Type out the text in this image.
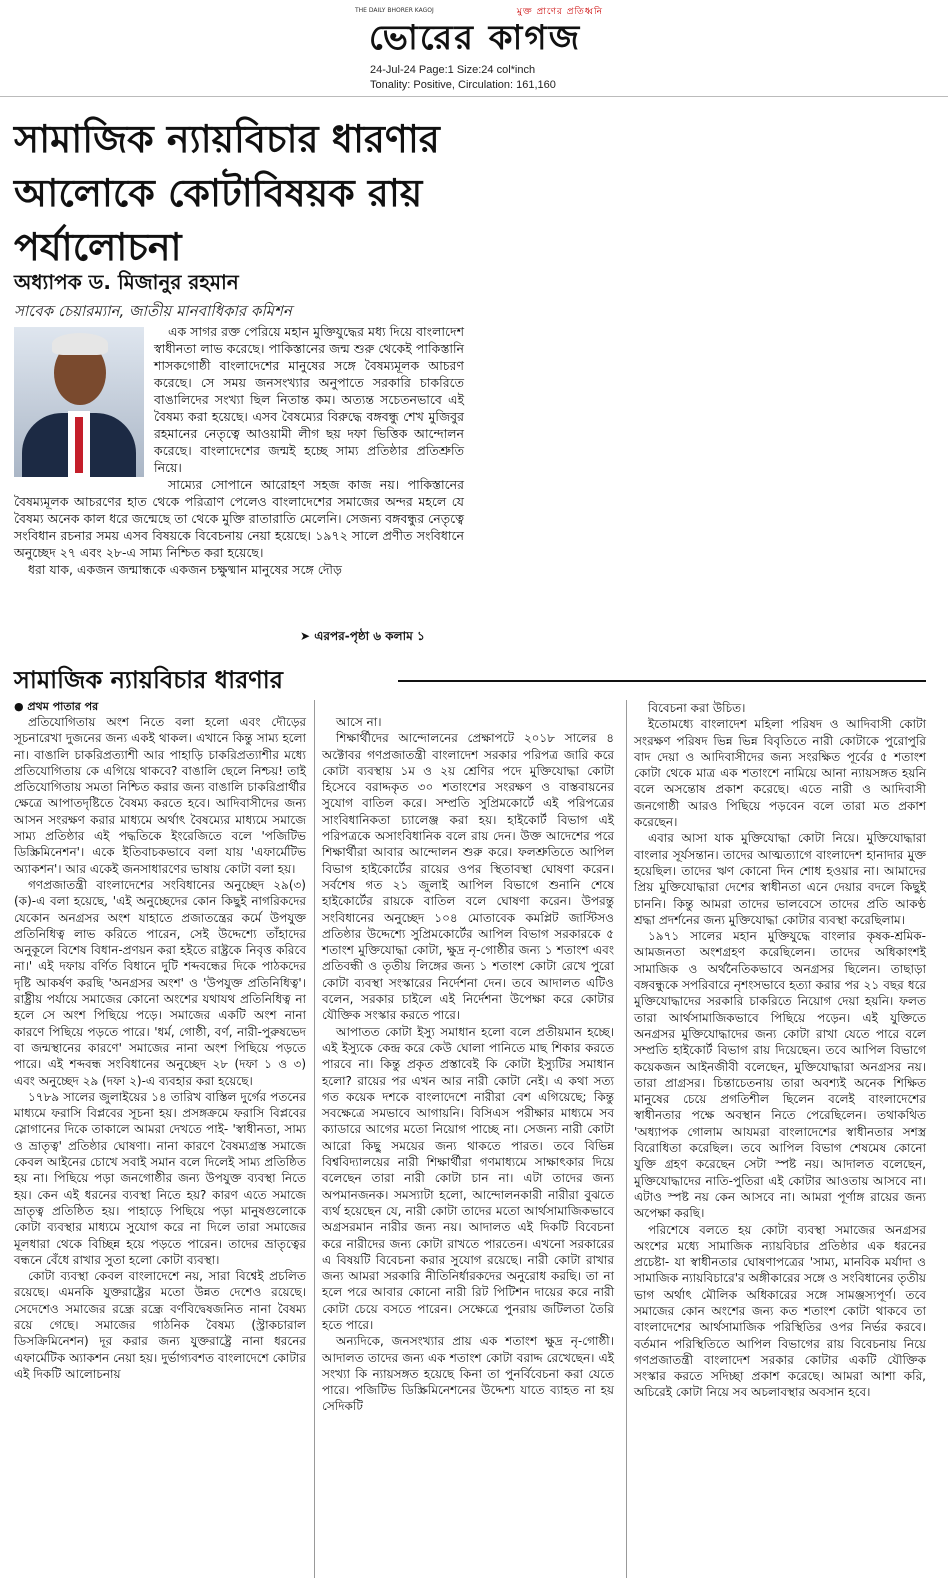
মুক্ত প্রাণের প্রতিধ্বনি
THE DAILY BHORER KAGOJ
ভোরের কাগজ
24-Jul-24 Page:1 Size:24 col*inch
Tonality: Positive, Circulation: 161,160
সামাজিক ন্যায়বিচার ধারণার আলোকে কোটাবিষয়ক রায় পর্যালোচনা
অধ্যাপক ড. মিজানুর রহমান
সাবেক চেয়ারম্যান, জাতীয় মানবাধিকার কমিশন

এক সাগর রক্ত পেরিয়ে মহান মুক্তিযুদ্ধের মধ্য দিয়ে বাংলাদেশ স্বাধীনতা লাভ করেছে। পাকিস্তানের জন্ম শুরু থেকেই পাকিস্তানি শাসকগোষ্ঠী বাংলাদেশের মানুষের সঙ্গে বৈষম্যমূলক আচরণ করেছে। সে সময় জনসংখ্যার অনুপাতে সরকারি চাকরিতে বাঙালিদের সংখ্যা ছিল নিতান্ত কম। অত্যন্ত সচেতনভাবে এই বৈষম্য করা হয়েছে। এসব বৈষম্যের বিরুদ্ধে বঙ্গবন্ধু শেখ মুজিবুর রহমানের নেতৃত্বে আওয়ামী লীগ ছয় দফা ভিত্তিক আন্দোলন করেছে। বাংলাদেশের জন্মই হচ্ছে সাম্য প্রতিষ্ঠার প্রতিশ্রুতি নিয়ে।

সাম্যের সোপানে আরোহণ সহজ কাজ নয়। পাকিস্তানের বৈষম্যমূলক আচরণের হাত থেকে পরিত্রাণ পেলেও বাংলাদেশের সমাজের অন্দর মহলে যে বৈষম্য অনেক কাল ধরে জন্মেছে তা থেকে মুক্তি রাতারাতি মেলেনি। সেজন্য বঙ্গবন্ধুর নেতৃত্বে সংবিধান রচনার সময় এসব বিষয়কে বিবেচনায় নেয়া হয়েছে। ১৯৭২ সালে প্রণীত সংবিধানে অনুচ্ছেদ ২৭ এবং ২৮-এ সাম্য নিশ্চিত করা হয়েছে।

ধরা যাক, একজন জন্মান্ধকে একজন চক্ষুষ্মান মানুষের সঙ্গে দৌড়

➤ এরপর-পৃষ্ঠা ৬ কলাম ১
সামাজিক ন্যায়বিচার ধারণার
● প্রথম পাতার পর

প্রতিযোগিতায় অংশ নিতে বলা হলো এবং দৌড়ের সূচনারেখা দুজনের জন্য একই থাকল। এখানে কিন্তু সাম্য হলো না। বাঙালি চাকরিপ্রত্যাশী আর পাহাড়ি চাকরিপ্রত্যাশীর মধ্যে প্রতিযোগিতায় কে এগিয়ে থাকবে? বাঙালি ছেলে নিশ্চয়! তাই প্রতিযোগিতায় সমতা নিশ্চিত করার জন্য বাঙালি চাকরিপ্রার্থীর ক্ষেত্রে আপাতদৃষ্টিতে বৈষম্য করতে হবে। আদিবাসীদের জন্য আসন সংরক্ষণ করার মাধ্যমে অর্থাৎ বৈষম্যের মাধ্যমে সমাজে সাম্য প্রতিষ্ঠার এই পদ্ধতিকে ইংরেজিতে বলে 'পজিটিভ ডিস্ক্রিমিনেশন'। একে ইতিবাচকভাবে বলা যায় 'এফার্মেটিভ অ্যাকশন'। আর একেই জনসাধারণের ভাষায় কোটা বলা হয়।

গণপ্রজাতন্ত্রী বাংলাদেশের সংবিধানের অনুচ্ছেদ ২৯(৩)(ক)-এ বলা হয়েছে, 'এই অনুচ্ছেদের কোন কিছুই নাগরিকদের যেকোন অনগ্রসর অংশ যাহাতে প্রজাতন্ত্রের কর্মে উপযুক্ত প্রতিনিধিত্ব লাভ করিতে পারেন, সেই উদ্দেশ্যে তাঁহাদের অনুকূলে বিশেষ বিধান-প্রণয়ন করা হইতে রাষ্ট্রকে নিবৃত্ত করিবে না।' এই দফায় বর্ণিত বিধানে দুটি শব্দবন্ধের দিকে পাঠকদের দৃষ্টি আকর্ষণ করছি 'অনগ্রসর অংশ' ও 'উপযুক্ত প্রতিনিধিত্ব'। রাষ্ট্রীয় পর্যায়ে সমাজের কোনো অংশের যথাযথ প্রতিনিধিত্ব না হলে সে অংশ পিছিয়ে পড়ে। সমাজের একটি অংশ নানা কারণে পিছিয়ে পড়তে পারে। 'ধর্ম, গোষ্ঠী, বর্ণ, নারী-পুরুষভেদ বা জন্মস্থানের কারণে' সমাজের নানা অংশ পিছিয়ে পড়তে পারে। এই শব্দবন্ধ সংবিধানের অনুচ্ছেদ ২৮ (দফা ১ ও ৩) এবং অনুচ্ছেদ ২৯ (দফা ২)-এ ব্যবহার করা হয়েছে।

১৭৮৯ সালের জুলাইয়ের ১৪ তারিখ বাস্তিল দুর্গের পতনের মাধ্যমে ফরাসি বিপ্লবের সূচনা হয়। প্রসঙ্গক্রমে ফরাসি বিপ্লবের স্লোগানের দিকে তাকালে আমরা দেখতে পাই- 'স্বাধীনতা, সাম্য ও ভ্রাতৃত্ব' প্রতিষ্ঠার ঘোষণা। নানা কারণে বৈষম্যগ্রস্ত সমাজে কেবল আইনের চোখে সবাই সমান বলে দিলেই সাম্য প্রতিষ্ঠিত হয় না। পিছিয়ে পড়া জনগোষ্ঠীর জন্য উপযুক্ত ব্যবস্থা নিতে হয়। কেন এই ধরনের ব্যবস্থা নিতে হয়? কারণ এতে সমাজে ভ্রাতৃত্ব প্রতিষ্ঠিত হয়। পাহাড়ে পিছিয়ে পড়া মানুষগুলোকে কোটা ব্যবস্থার মাধ্যমে সুযোগ করে না দিলে তারা সমাজের মূলধারা থেকে বিচ্ছিন্ন হয়ে পড়তে পারেন। তাদের ভ্রাতৃত্বের বন্ধনে বেঁধে রাখার সুতা হলো কোটা ব্যবস্থা।

কোটা ব্যবস্থা কেবল বাংলাদেশে নয়, সারা বিশ্বেই প্রচলিত রয়েছে। এমনকি যুক্তরাষ্ট্রের মতো উন্নত দেশেও রয়েছে। সেদেশেও সমাজের রন্ধ্রে রন্ধ্রে বর্ণবিদ্বেষজনিত নানা বৈষম্য রয়ে গেছে। সমাজের গাঠনিক বৈষম্য (স্ট্রাকচারাল ডিসক্রিমিনেশন) দূর করার জন্য যুক্তরাষ্ট্রে নানা ধরনের এফার্মেটিক অ্যাকশন নেয়া হয়। দুর্ভাগ্যবশত বাংলাদেশে কোটার এই দিকটি আলোচনায়

আসে না।

শিক্ষার্থীদের আন্দোলনের প্রেক্ষাপটে ২০১৮ সালের ৪ অক্টোবর গণপ্রজাতন্ত্রী বাংলাদেশ সরকার পরিপত্র জারি করে কোটা ব্যবস্থায় ১ম ও ২য় শ্রেণির পদে মুক্তিযোদ্ধা কোটা হিসেবে বরাদ্দকৃত ৩০ শতাংশের সংরক্ষণ ও বাস্তবায়নের সুযোগ বাতিল করে। সম্প্রতি সুপ্রিমকোর্টে এই পরিপত্রের সাংবিধানিকতা চ্যালেঞ্জ করা হয়। হাইকোর্ট বিভাগ এই পরিপত্রকে অসাংবিধানিক বলে রায় দেন। উক্ত আদেশের পরে শিক্ষার্থীরা আবার আন্দোলন শুরু করে। ফলশ্রুতিতে আপিল বিভাগ হাইকোর্টের রায়ের ওপর স্থিতাবস্থা ঘোষণা করেন। সর্বশেষ গত ২১ জুলাই আপিল বিভাগে শুনানি শেষে হাইকোর্টের রায়কে বাতিল বলে ঘোষণা করেন। উপরন্তু সংবিধানের অনুচ্ছেদ ১০৪ মোতাবেক কমপ্লিট জাস্টিসও প্রতিষ্ঠার উদ্দেশ্যে সুপ্রিমকোর্টের আপিল বিভাগ সরকারকে ৫ শতাংশ মুক্তিযোদ্ধা কোটা, ক্ষুদ্র নৃ-গোষ্ঠীর জন্য ১ শতাংশ এবং প্রতিবন্ধী ও তৃতীয় লিঙ্গের জন্য ১ শতাংশ কোটা রেখে পুরো কোটা ব্যবস্থা সংস্কারের নির্দেশনা দেন। তবে আদালত এটিও বলেন, সরকার চাইলে এই নির্দেশনা উপেক্ষা করে কোটার যৌক্তিক সংস্কার করতে পারে।

আপাতত কোটা ইস্যু সমাধান হলো বলে প্রতীয়মান হচ্ছে। এই ইস্যুকে কেন্দ্র করে কেউ ঘোলা পানিতে মাছ শিকার করতে পারবে না। কিন্তু প্রকৃত প্রস্তাবেই কি কোটা ইস্যুটির সমাধান হলো? রায়ের পর এখন আর নারী কোটা নেই। এ কথা সত্য গত কয়েক দশকে বাংলাদেশে নারীরা বেশ এগিয়েছে; কিন্তু সবক্ষেত্রে সমভাবে আগায়নি। বিসিএস পরীক্ষার মাধ্যমে সব ক্যাডারে আগের মতো নিয়োগ পাচ্ছে না। সেজন্য নারী কোটা আরো কিছু সময়ের জন্য থাকতে পারত। তবে বিভিন্ন বিশ্ববিদ্যালয়ের নারী শিক্ষার্থীরা গণমাধ্যমে সাক্ষাৎকার দিয়ে বলেছেন তারা নারী কোটা চান না। এটা তাদের জন্য অপমানজনক। সমস্যাটা হলো, আন্দোলনকারী নারীরা বুঝতে ব্যর্থ হয়েছেন যে, নারী কোটা তাদের মতো আর্থসামাজিকভাবে অগ্রসরমান নারীর জন্য নয়। আদালত এই দিকটি বিবেচনা করে নারীদের জন্য কোটা রাখতে পারতেন। এখনো সরকারের এ বিষয়টি বিবেচনা করার সুযোগ রয়েছে। নারী কোটা রাখার জন্য আমরা সরকারি নীতিনির্ধারকদের অনুরোধ করছি। তা না হলে পরে আবার কোনো নারী রিট পিটিশন দায়ের করে নারী কোটা চেয়ে বসতে পারেন। সেক্ষেত্রে পুনরায় জটিলতা তৈরি হতে পারে।

অন্যদিকে, জনসংখ্যার প্রায় এক শতাংশ ক্ষুদ্র নৃ-গোষ্ঠী। আদালত তাদের জন্য এক শতাংশ কোটা বরাদ্দ রেখেছেন। এই সংখ্যা কি ন্যায়সঙ্গত হয়েছে কিনা তা পুনর্বিবেচনা করা যেতে পারে। পজিটিভ ডিস্ক্রিমিনেশনের উদ্দেশ্য যাতে ব্যাহত না হয় সেদিকটি

বিবেচনা করা উচিত।

ইতোমধ্যে বাংলাদেশ মহিলা পরিষদ ও আদিবাসী কোটা সংরক্ষণ পরিষদ ভিন্ন ভিন্ন বিবৃতিতে নারী কোটাকে পুরোপুরি বাদ দেয়া ও আদিবাসীদের জন্য সংরক্ষিত পূর্বের ৫ শতাংশ কোটা থেকে মাত্র এক শতাংশে নামিয়ে আনা ন্যায়সঙ্গত হয়নি বলে অসন্তোষ প্রকাশ করেছে। এতে নারী ও আদিবাসী জনগোষ্ঠী আরও পিছিয়ে পড়বেন বলে তারা মত প্রকাশ করেছেন।

এবার আসা যাক মুক্তিযোদ্ধা কোটা নিয়ে। মুক্তিযোদ্ধারা বাংলার সূর্যসন্তান। তাদের আত্মত্যাগে বাংলাদেশ হানাদার মুক্ত হয়েছিল। তাদের ঋণ কোনো দিন শোধ হওয়ার না। আমাদের প্রিয় মুক্তিযোদ্ধারা দেশের স্বাধীনতা এনে দেয়ার বদলে কিছুই চাননি। কিন্তু আমরা তাদের ভালবেসে তাদের প্রতি আকণ্ঠ শ্রদ্ধা প্রদর্শনের জন্য মুক্তিযোদ্ধা কোটার ব্যবস্থা করেছিলাম।

১৯৭১ সালের মহান মুক্তিযুদ্ধে বাংলার কৃষক-শ্রমিক-আমজনতা অংশগ্রহণ করেছিলেন। তাদের অধিকাংশই সামাজিক ও অর্থনৈতিকভাবে অনগ্রসর ছিলেন। তাছাড়া বঙ্গবন্ধুকে সপরিবারে নৃশংসভাবে হত্যা করার পর ২১ বছর ধরে মুক্তিযোদ্ধাদের সরকারি চাকরিতে নিয়োগ দেয়া হয়নি। ফলত তারা আর্থসামাজিকভাবে পিছিয়ে পড়েন। এই যুক্তিতে অনগ্রসর মুক্তিযোদ্ধাদের জন্য কোটা রাখা যেতে পারে বলে সম্প্রতি হাইকোর্ট বিভাগ রায় দিয়েছেন। তবে আপিল বিভাগে কয়েকজন আইনজীবী বলেছেন, মুক্তিযোদ্ধারা অনগ্রসর নয়। তারা প্রাগ্রসর। চিন্তাচেতনায় তারা অবশ্যই অনেক শিক্ষিত মানুষের চেয়ে প্রগতিশীল ছিলেন বলেই বাংলাদেশের স্বাধীনতার পক্ষে অবস্থান নিতে পেরেছিলেন। তথাকথিত 'অধ্যাপক গোলাম আযমরা বাংলাদেশের স্বাধীনতার সশস্ত্র বিরোধিতা করেছিল। তবে আপিল বিভাগ শেষমেষ কোনো যুক্তি গ্রহণ করেছেন সেটা স্পষ্ট নয়। আদালত বলেছেন, মুক্তিযোদ্ধাদের নাতি-পুতিরা এই কোটার আওতায় আসবে না। এটাও স্পষ্ট নয় কেন আসবে না। আমরা পূর্ণাঙ্গ রায়ের জন্য অপেক্ষা করছি।

পরিশেষে বলতে হয় কোটা ব্যবস্থা সমাজের অনগ্রসর অংশের মধ্যে সামাজিক ন্যায়বিচার প্রতিষ্ঠার এক ধরনের প্রচেষ্টা- যা স্বাধীনতার ঘোষণাপত্রের 'সাম্য, মানবিক মর্যাদা ও সামাজিক ন্যায়বিচারে'র অঙ্গীকারের সঙ্গে ও সংবিধানের তৃতীয় ভাগ অর্থাৎ মৌলিক অধিকারের সঙ্গে সামঞ্জস্যপূর্ণ। তবে সমাজের কোন অংশের জন্য কত শতাংশ কোটা থাকবে তা বাংলাদেশের আর্থসামাজিক পরিস্থিতির ওপর নির্ভর করবে। বর্তমান পরিস্থিতিতে আপিল বিভাগের রায় বিবেচনায় নিয়ে গণপ্রজাতন্ত্রী বাংলাদেশ সরকার কোটার একটি যৌক্তিক সংস্কার করতে সদিচ্ছা প্রকাশ করেছে। আমরা আশা করি, অচিরেই কোটা নিয়ে সব অচলাবস্থার অবসান হবে।
